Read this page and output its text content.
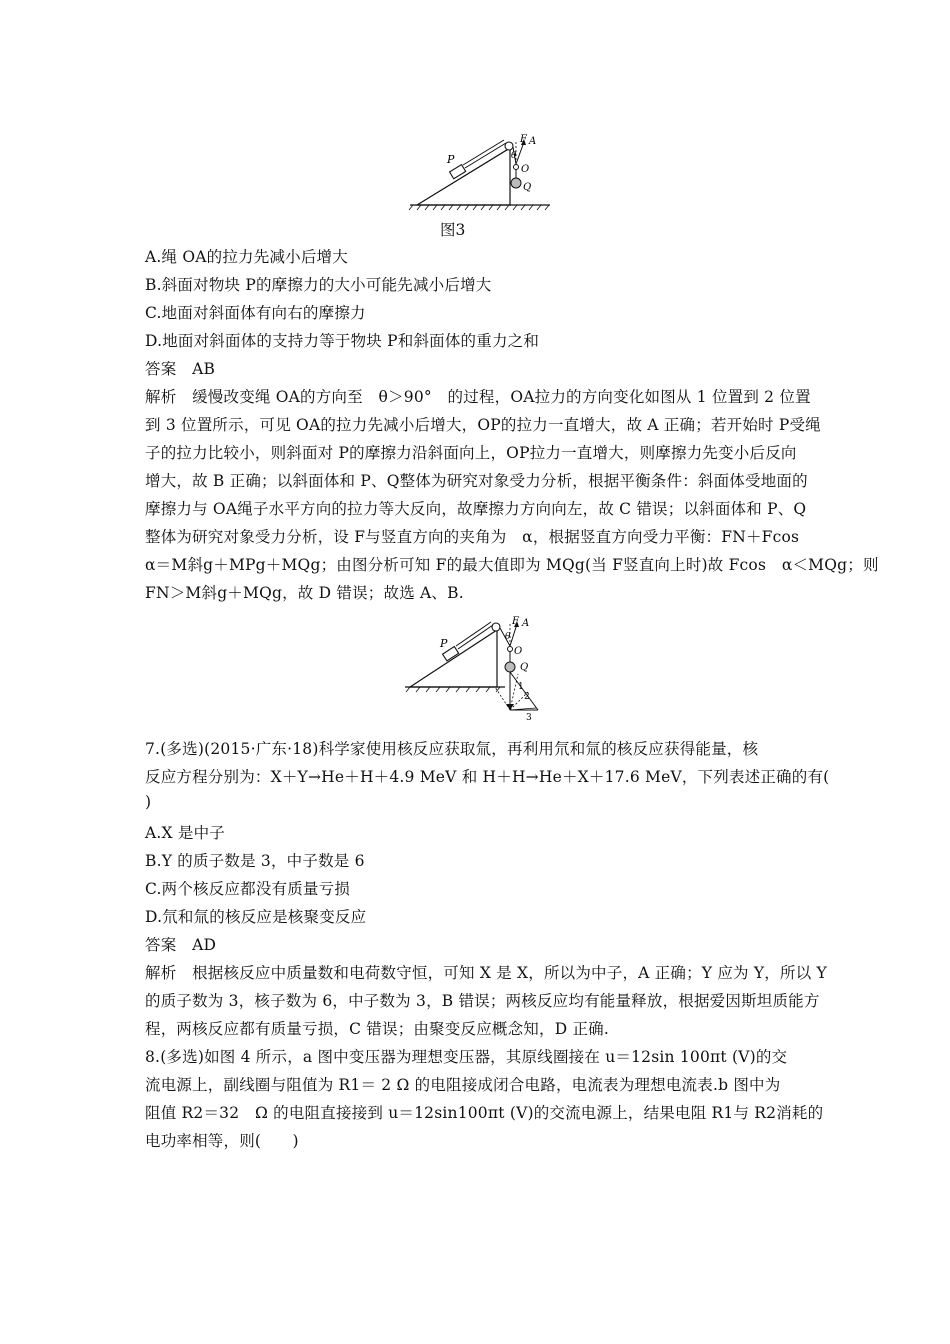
P
F A
θ
O
Q
图3
A.绳 OA的拉力先减小后增大
B.斜面对物块 P的摩擦力的大小可能先减小后增大
C.地面对斜面体有向右的摩擦力
D.地面对斜面体的支持力等于物块 P和斜面体的重力之和
答案　AB
解析　缓慢改变绳 OA的方向至　θ＞90°　的过程，OA拉力的方向变化如图从 1 位置到 2 位置
到 3 位置所示，可见 OA的拉力先减小后增大，OP的拉力一直增大，故 A 正确；若开始时 P受绳
子的拉力比较小，则斜面对 P的摩擦力沿斜面向上，OP拉力一直增大，则摩擦力先变小后反向
增大，故 B 正确；以斜面体和 P、Q整体为研究对象受力分析，根据平衡条件：斜面体受地面的
摩擦力与 OA绳子水平方向的拉力等大反向，故摩擦力方向向左，故 C 错误；以斜面体和 P、Q
整体为研究对象受力分析，设 F与竖直方向的夹角为　α，根据竖直方向受力平衡：FN＋Fcos
α＝M斜g＋MPg＋MQg；由图分析可知 F的最大值即为 MQg(当 F竖直向上时)故 Fcos　α＜MQg；则
FN＞M斜g＋MQg，故 D 错误；故选 A、B.
P
F A
θ
O
Q
1
2
3
7.(多选)(2015·广东·18)科学家使用核反应获取氚，再利用氘和氚的核反应获得能量，核
反应方程分别为：X＋Y→He＋H＋4.9 MeV 和 H＋H→He＋X＋17.6 MeV，下列表述正确的有(
)
A.X 是中子
B.Y 的质子数是 3，中子数是 6
C.两个核反应都没有质量亏损
D.氘和氚的核反应是核聚变反应
答案　AD
解析　根据核反应中质量数和电荷数守恒，可知 X 是 X，所以为中子，A 正确；Y 应为 Y，所以 Y
的质子数为 3，核子数为 6，中子数为 3，B 错误；两核反应均有能量释放，根据爱因斯坦质能方
程，两核反应都有质量亏损，C 错误；由聚变反应概念知，D 正确.
8.(多选)如图 4 所示，a 图中变压器为理想变压器，其原线圈接在 u＝12sin 100πt (V)的交
流电源上，副线圈与阻值为 R1＝ 2 Ω 的电阻接成闭合电路，电流表为理想电流表.b 图中为
阻值 R2＝32　Ω 的电阻直接接到 u＝12sin100πt (V)的交流电源上，结果电阻 R1与 R2消耗的
电功率相等，则(　　)
